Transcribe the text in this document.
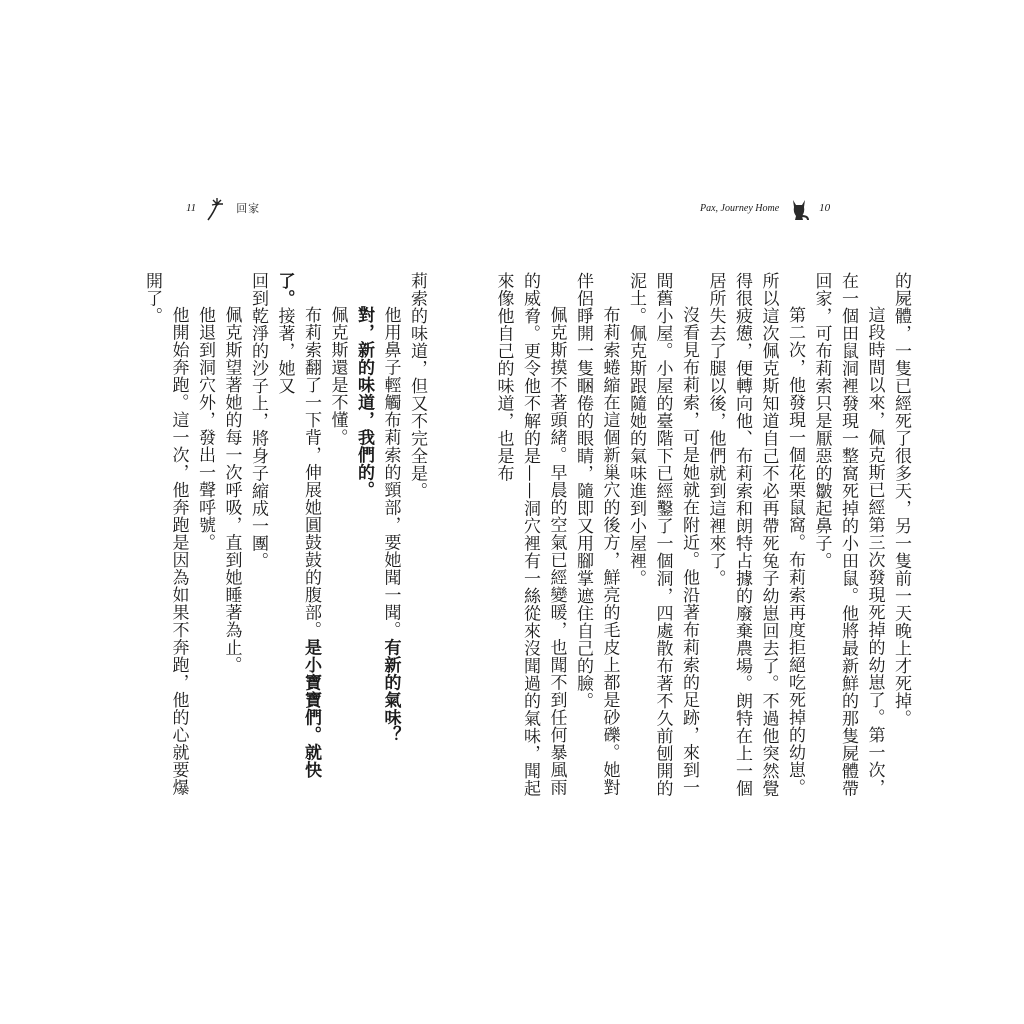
11	回家	Pax, Journey Home	10

的屍體，一隻已經死了很多天，另一隻前一天晚上才死掉。

這段時間以來，佩克斯已經第三次發現死掉的幼崽了。第一次，在一個田鼠洞裡發現一整窩死掉的小田鼠。他將最新鮮的那隻屍體帶回家，可布莉索只是厭惡的皺起鼻子。

第二次，他發現一個花栗鼠窩。布莉索再度拒絕吃死掉的幼崽。所以這次佩克斯知道自己不必再帶死兔子幼崽回去了。不過他突然覺得很疲憊，便轉向他、布莉索和朗特占據的廢棄農場。朗特在上一個居所失去了腿以後，他們就到這裡來了。

沒看見布莉索，可是她就在附近。他沿著布莉索的足跡，來到一間舊小屋。小屋的臺階下已經鑿了一個洞，四處散布著不久前刨開的泥土。佩克斯跟隨她的氣味進到小屋裡。

布莉索蜷縮在這個新巢穴的後方，鮮亮的毛皮上都是砂礫。她對伴侶睜開一隻睏倦的眼睛，隨即又用腳掌遮住自己的臉。

佩克斯摸不著頭緒。早晨的空氣已經變暖，也聞不到任何暴風雨的威脅。更令他不解的是——洞穴裡有一絲從來沒聞過的氣味，聞起來像他自己的味道，也是布

莉索的味道，但又不完全是。

他用鼻子輕觸布莉索的頸部，要她聞一聞。有新的氣味？

對，新的味道，我們的。

佩克斯還是不懂。

布莉索翻了一下背，伸展她圓鼓鼓的腹部。是小寶寶們。就快了。接著，她又

回到乾淨的沙子上，將身子縮成一團。

佩克斯望著她的每一次呼吸，直到她睡著為止。

他退到洞穴外，發出一聲呼號。

他開始奔跑。這一次，他奔跑是因為如果不奔跑，他的心就要爆開了。
